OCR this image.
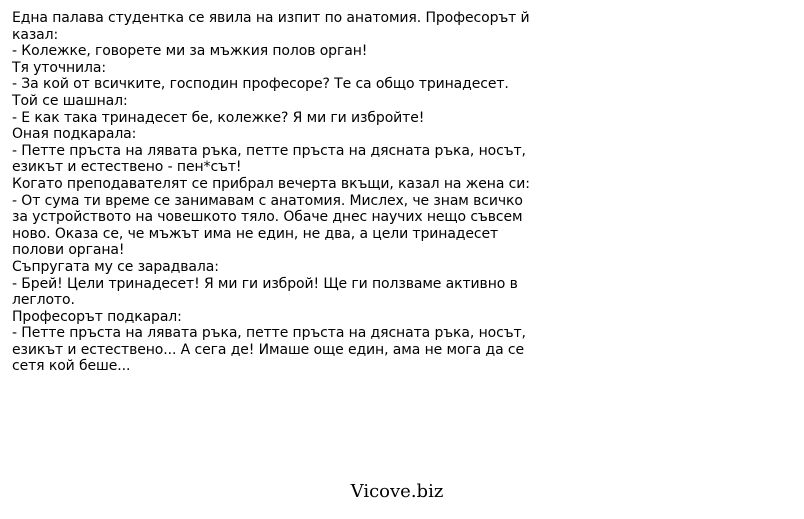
Една палава студентка се явила на изпит по анатомия. Професорът й
казал:
- Колежке, говорете ми за мъжкия полов орган!
Тя уточнила:
- За кой от всичките, господин професоре? Те са общо тринадесет.
Той се шашнал:
- Е как така тринадесет бе, колежке? Я ми ги избройте!
Оная подкарала:
- Петте пръста на лявата ръка, петте пръста на дясната ръка, носът,
езикът и естествено - пен*сът!
Когато преподавателят се прибрал вечерта вкъщи, казал на жена си:
- От сума ти време се занимавам с анатомия. Мислех, че знам всичко
за устройството на човешкото тяло. Обаче днес научих нещо съвсем
ново. Оказа се, че мъжът има не един, не два, а цели тринадесет
полови органа!
Съпругата му се зарадвала:
- Брей! Цели тринадесет! Я ми ги изброй! Ще ги ползваме активно в
леглото.
Професорът подкарал:
- Петте пръста на лявата ръка, петте пръста на дясната ръка, носът,
езикът и естествено... А сега де! Имаше още един, ама не мога да се
сетя кой беше...
Vicove.biz
